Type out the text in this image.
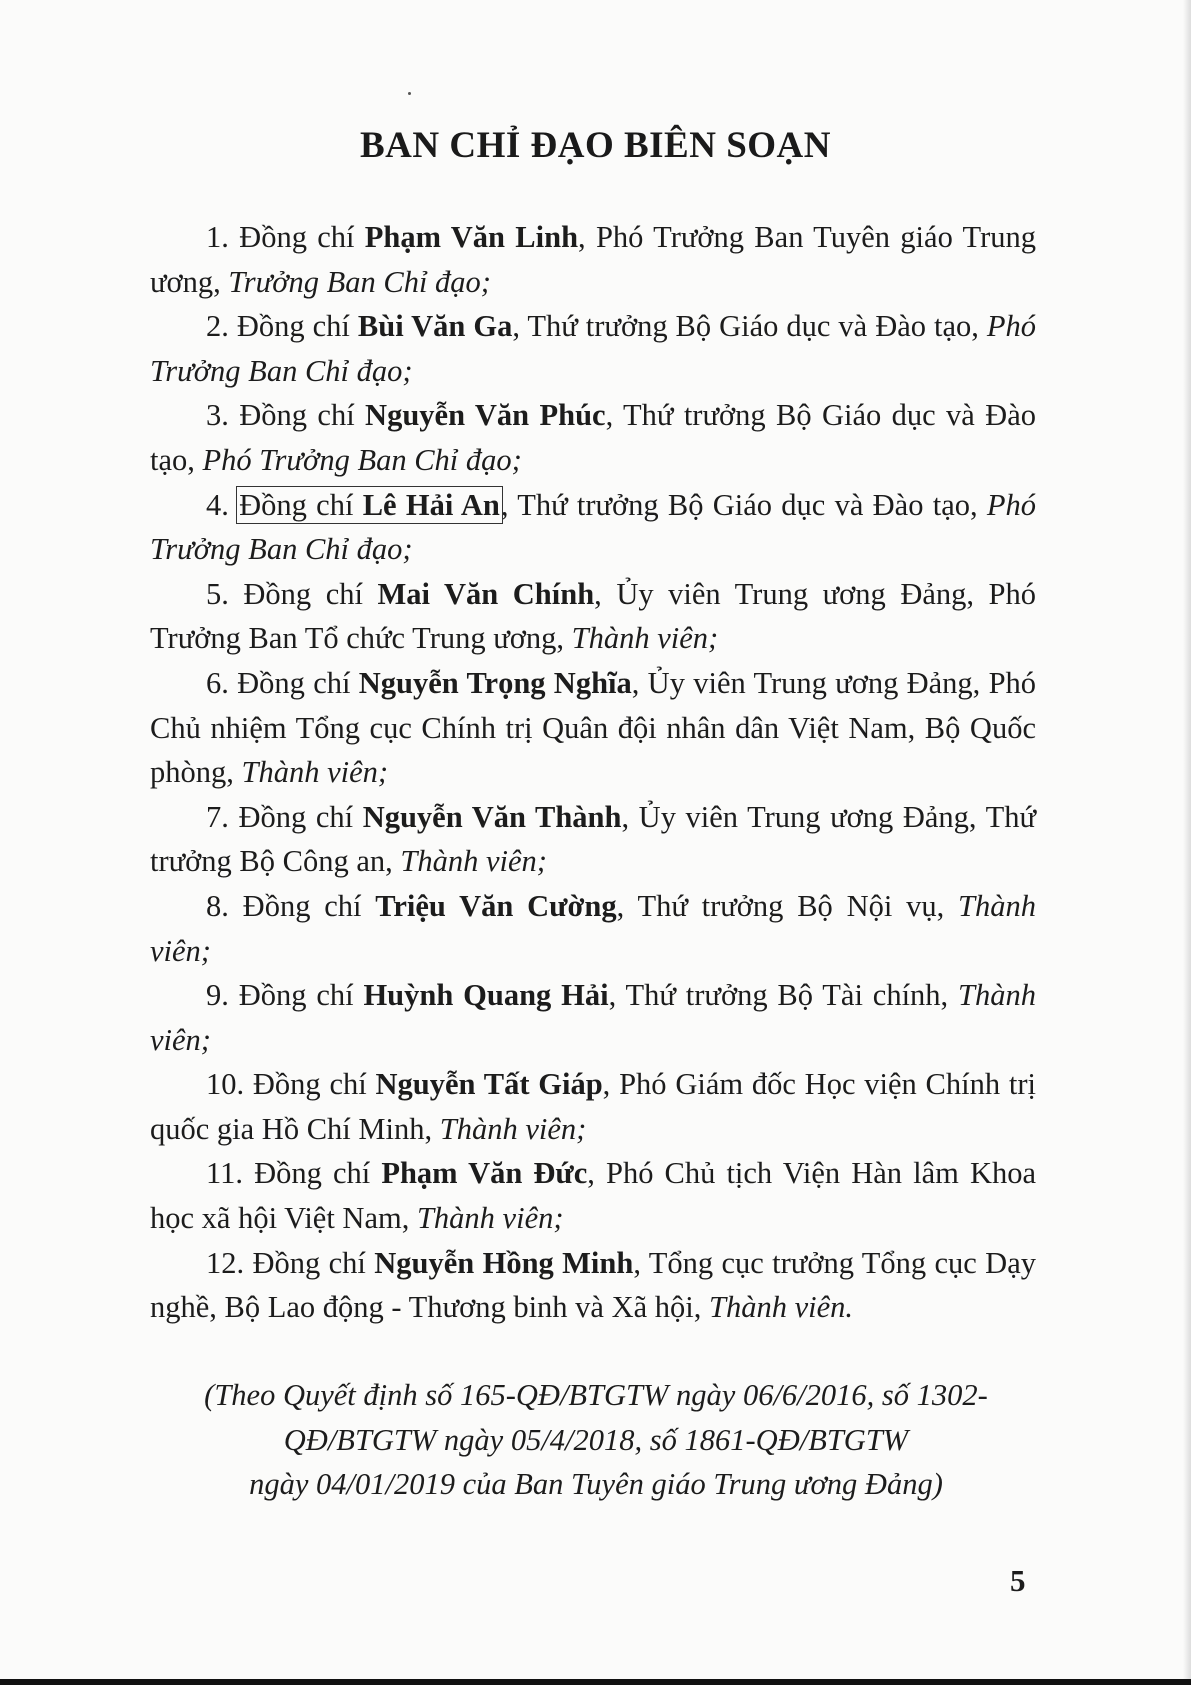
BAN CHỈ ĐẠO BIÊN SOẠN

1. Đồng chí Phạm Văn Linh, Phó Trưởng Ban Tuyên giáo Trung ương, Trưởng Ban Chỉ đạo;

2. Đồng chí Bùi Văn Ga, Thứ trưởng Bộ Giáo dục và Đào tạo, Phó Trưởng Ban Chỉ đạo;

3. Đồng chí Nguyễn Văn Phúc, Thứ trưởng Bộ Giáo dục và Đào tạo, Phó Trưởng Ban Chỉ đạo;

4. Đồng chí Lê Hải An, Thứ trưởng Bộ Giáo dục và Đào tạo, Phó Trưởng Ban Chỉ đạo;

5. Đồng chí Mai Văn Chính, Ủy viên Trung ương Đảng, Phó Trưởng Ban Tổ chức Trung ương, Thành viên;

6. Đồng chí Nguyễn Trọng Nghĩa, Ủy viên Trung ương Đảng, Phó Chủ nhiệm Tổng cục Chính trị Quân đội nhân dân Việt Nam, Bộ Quốc phòng, Thành viên;

7. Đồng chí Nguyễn Văn Thành, Ủy viên Trung ương Đảng, Thứ trưởng Bộ Công an, Thành viên;

8. Đồng chí Triệu Văn Cường, Thứ trưởng Bộ Nội vụ, Thành viên;

9. Đồng chí Huỳnh Quang Hải, Thứ trưởng Bộ Tài chính, Thành viên;

10. Đồng chí Nguyễn Tất Giáp, Phó Giám đốc Học viện Chính trị quốc gia Hồ Chí Minh, Thành viên;

11. Đồng chí Phạm Văn Đức, Phó Chủ tịch Viện Hàn lâm Khoa học xã hội Việt Nam, Thành viên;

12. Đồng chí Nguyễn Hồng Minh, Tổng cục trưởng Tổng cục Dạy nghề, Bộ Lao động - Thương binh và Xã hội, Thành viên.

(Theo Quyết định số 165-QĐ/BTGTW ngày 06/6/2016, số 1302-
QĐ/BTGTW ngày 05/4/2018, số 1861-QĐ/BTGTW
ngày 04/01/2019 của Ban Tuyên giáo Trung ương Đảng)

5
